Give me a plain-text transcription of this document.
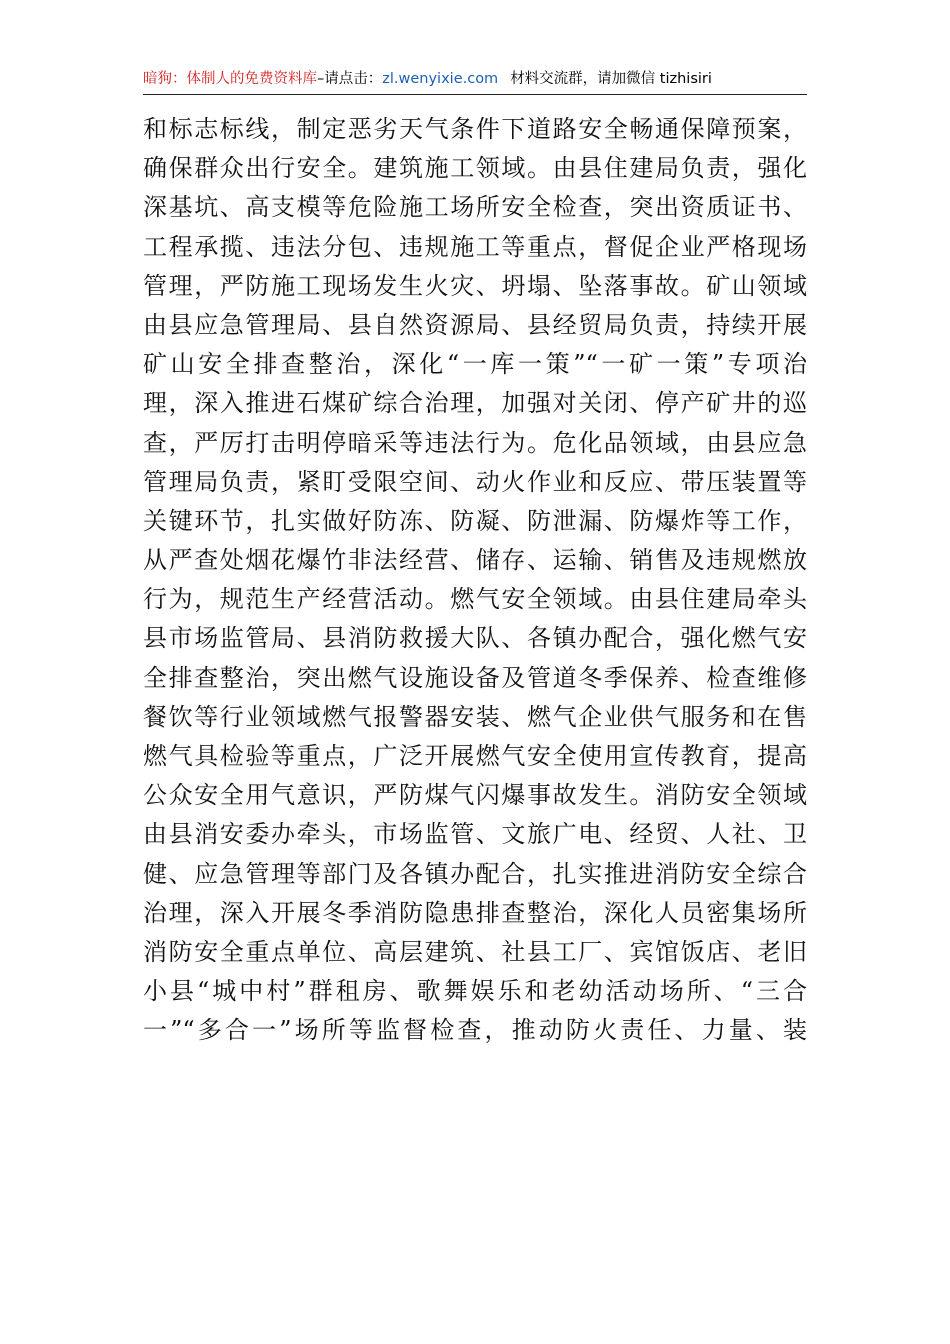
暗狗：体制人的免费资料库–请点击：zl.wenyixie.com 材料交流群，请加微信 tizhisiri
和标志标线，制定恶劣天气条件下道路安全畅通保障预案，
确保群众出行安全。建筑施工领域。由县住建局负责，强化
深基坑、高支模等危险施工场所安全检查，突出资质证书、
工程承揽、违法分包、违规施工等重点，督促企业严格现场
管理，严防施工现场发生火灾、坍塌、坠落事故。矿山领域
由县应急管理局、县自然资源局、县经贸局负责，持续开展
矿山安全排查整治，深化“一库一策”“一矿一策”专项治
理，深入推进石煤矿综合治理，加强对关闭、停产矿井的巡
查，严厉打击明停暗采等违法行为。危化品领域，由县应急
管理局负责，紧盯受限空间、动火作业和反应、带压装置等
关键环节，扎实做好防冻、防凝、防泄漏、防爆炸等工作，
从严查处烟花爆竹非法经营、储存、运输、销售及违规燃放
行为，规范生产经营活动。燃气安全领域。由县住建局牵头
县市场监管局、县消防救援大队、各镇办配合，强化燃气安
全排查整治，突出燃气设施设备及管道冬季保养、检查维修
餐饮等行业领域燃气报警器安装、燃气企业供气服务和在售
燃气具检验等重点，广泛开展燃气安全使用宣传教育，提高
公众安全用气意识，严防煤气闪爆事故发生。消防安全领域
由县消安委办牵头，市场监管、文旅广电、经贸、人社、卫
健、应急管理等部门及各镇办配合，扎实推进消防安全综合
治理，深入开展冬季消防隐患排查整治，深化人员密集场所
消防安全重点单位、高层建筑、社县工厂、宾馆饭店、老旧
小县“城中村”群租房、歌舞娱乐和老幼活动场所、“三合
一”“多合一”场所等监督检查，推动防火责任、力量、装
